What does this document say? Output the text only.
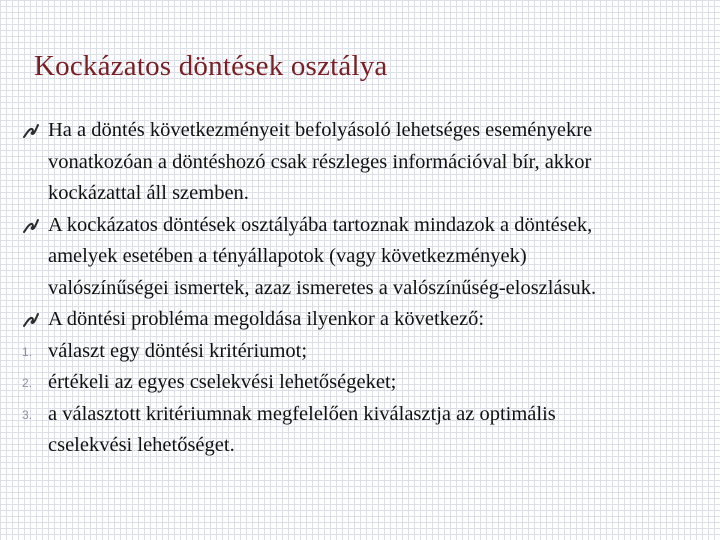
Kockázatos döntések osztálya
Ha a döntés következményeit befolyásoló lehetséges eseményekre
vonatkozóan a döntéshozó csak részleges információval bír, akkor
kockázattal áll szemben.
A kockázatos döntések osztályába tartoznak mindazok a döntések,
amelyek esetében a tényállapotok (vagy következmények)
valószínűségei ismertek, azaz ismeretes a valószínűség-eloszlásuk.
A döntési probléma megoldása ilyenkor a következő:
1 . választ egy döntési kritériumot;
2 . értékeli az egyes cselekvési lehetőségeket;
3 . a választott kritériumnak megfelelően kiválasztja az optimális
cselekvési lehetőséget.
